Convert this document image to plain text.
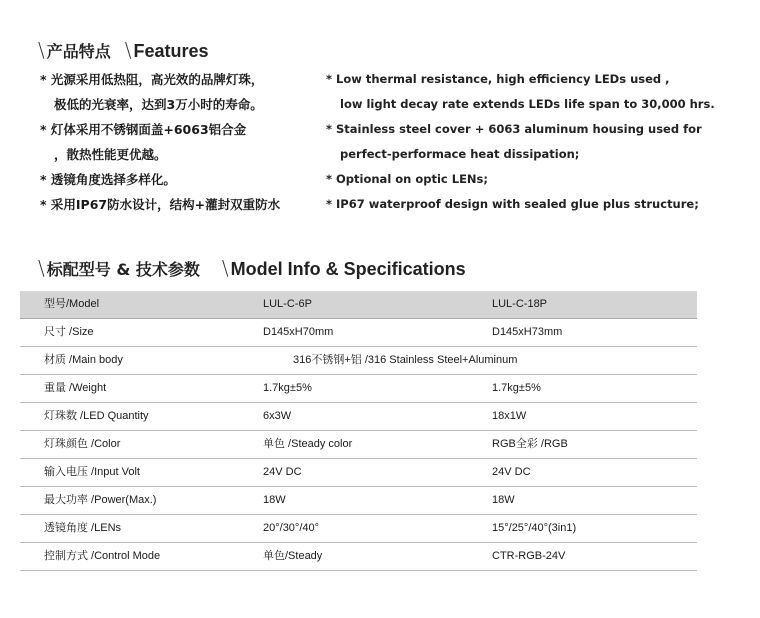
\ 产品特点 \ Features
* 光源采用低热阻，高光效的品牌灯珠，
极低的光衰率，达到3万小时的寿命。
* 灯体采用不锈钢面盖+6063铝合金
，散热性能更优越。
* 透镜角度选择多样化。
* 采用IP67防水设计，结构+灌封双重防水
* Low thermal resistance, high efficiency LEDs used ,
low light decay rate extends LEDs life span to 30,000 hrs.
* Stainless steel cover + 6063 aluminum housing used for
perfect-performace heat dissipation;
* Optional on optic LENs;
* IP67 waterproof design with sealed glue plus structure;
\ 标配型号 & 技术参数 \ Model Info & Specifications
型号/Model	LUL-C-6P	LUL-C-18P
尺寸 /Size	D145xH70mm	D145xH73mm
材质 /Main body	316不锈钢+铝 /316 Stainless Steel+Aluminum
重量 /Weight	1.7kg±5%	1.7kg±5%
灯珠数 /LED Quantity	6x3W	18x1W
灯珠颜色 /Color	单色 /Steady color	RGB全彩 /RGB
输入电压 /Input Volt	24V DC	24V DC
最大功率 /Power(Max.)	18W	18W
透镜角度 /LENs	20°/30°/40°	15°/25°/40°(3in1)
控制方式 /Control Mode	单色/Steady	CTR-RGB-24V
